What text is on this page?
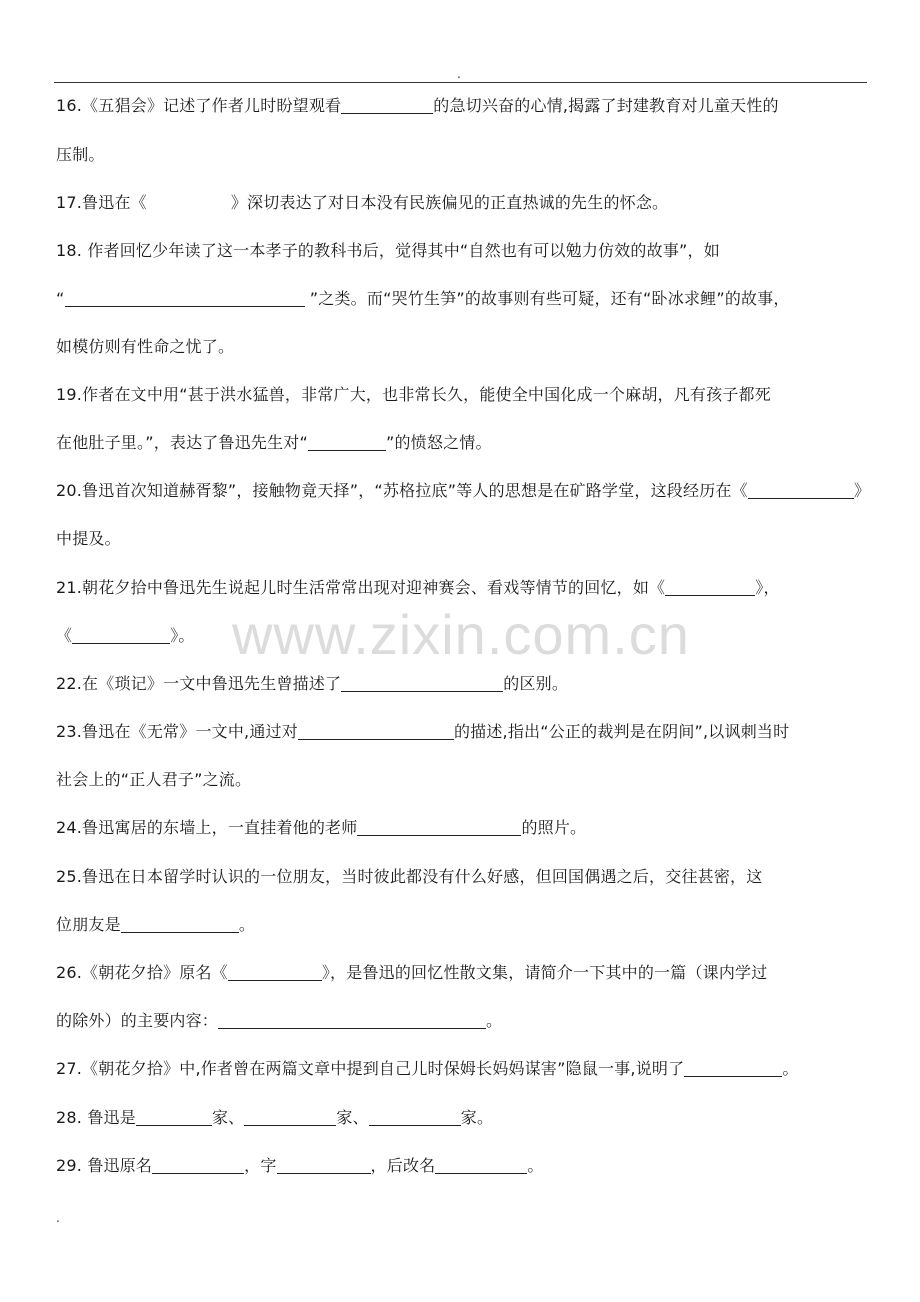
.
www.zixin.com.cn
16.《五猖会》记述了作者儿时盼望观看	的急切兴奋的心情,揭露了封建教育对儿童天性的
压制。
17.鲁迅在《	》深切表达了对日本没有民族偏见的正直热诚的先生的怀念。
18. 作者回忆少年读了这一本孝子的教科书后，觉得其中“自然也有可以勉力仿效的故事”，如
“	”之类。而“哭竹生笋”的故事则有些可疑，还有“卧冰求鲤”的故事，
如模仿则有性命之忧了。
19.作者在文中用“甚于洪水猛兽，非常广大，也非常长久，能使全中国化成一个麻胡，凡有孩子都死
在他肚子里。”，表达了鲁迅先生对“	”的愤怒之情。
20.鲁迅首次知道赫胥黎”，接触物竟天择”，“苏格拉底”等人的思想是在矿路学堂，这段经历在《	》
中提及。
21.朝花夕拾中鲁迅先生说起儿时生活常常出现对迎神赛会、看戏等情节的回忆，如《	》，
《	》。
22.在《琐记》一文中鲁迅先生曾描述了	的区别。
23.鲁迅在《无常》一文中,通过对	的描述,指出“公正的裁判是在阴间”,以讽刺当时
社会上的“正人君子”之流。
24.鲁迅寓居的东墙上，一直挂着他的老师	的照片。
25.鲁迅在日本留学时认识的一位朋友，当时彼此都没有什么好感，但回国偶遇之后，交往甚密，这
位朋友是	。
26.《朝花夕拾》原名《	》，是鲁迅的回忆性散文集，请简介一下其中的一篇（课内学过
的除外）的主要内容：	。
27.《朝花夕拾》中,作者曾在两篇文章中提到自己儿时保姆长妈妈谋害”隐鼠一事,说明了	。
28. 鲁迅是	家、	家、	家。
29. 鲁迅原名	，字	，后改名	。
.
